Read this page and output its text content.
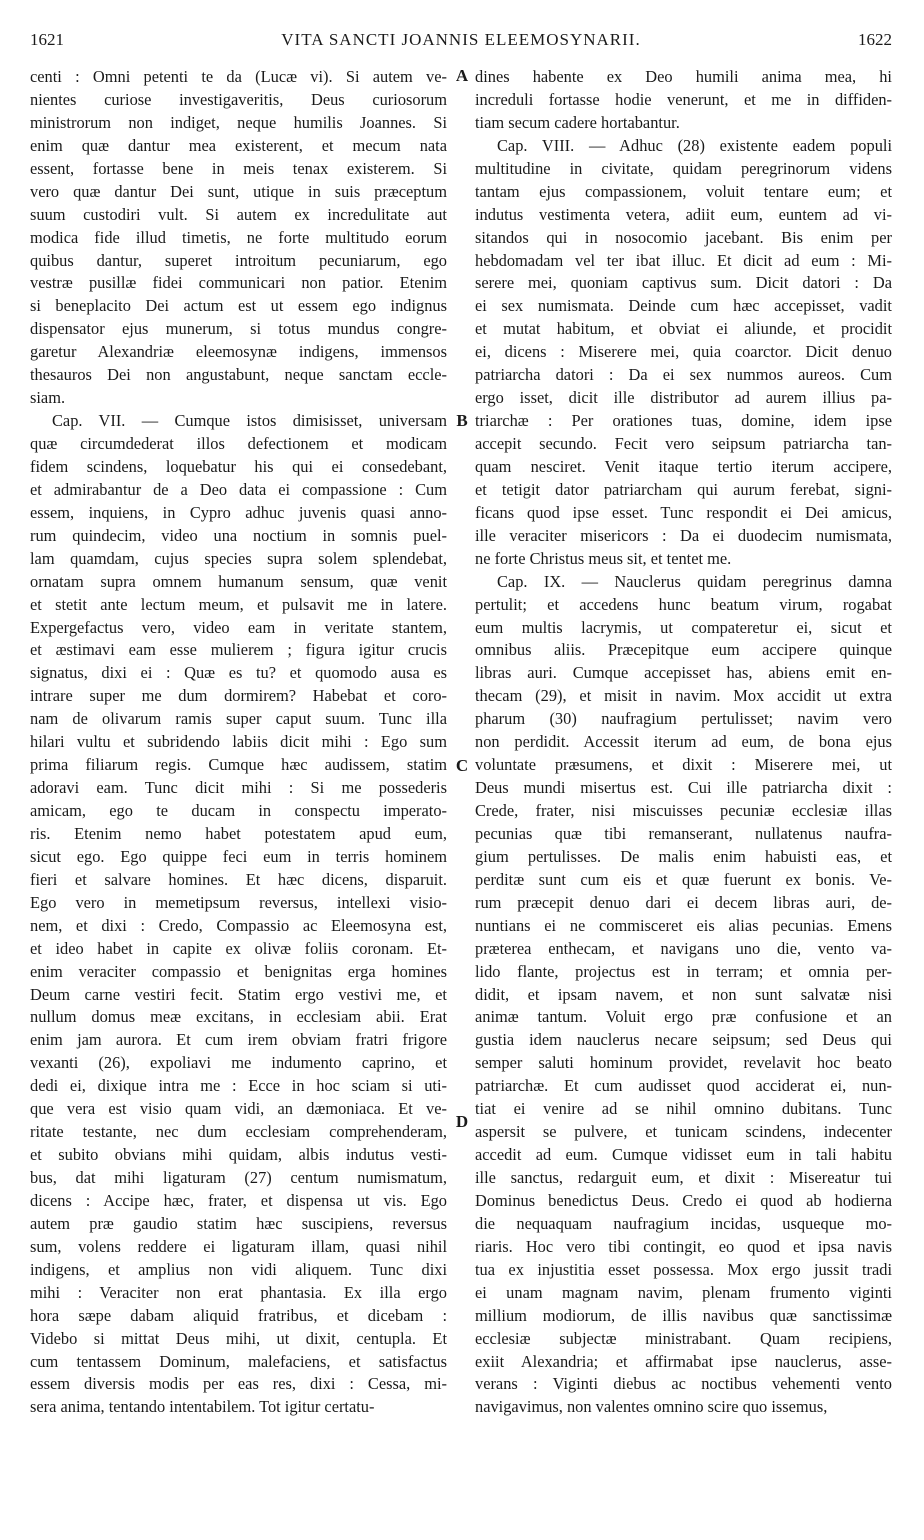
1621	VITA SANCTI JOANNIS ELEEMOSYNARII.	1622
A
B
C
D
centi : Omni petenti te da (Lucæ vi). Si autem ve-
nientes curiose investigaveritis, Deus curiosorum
ministrorum non indiget, neque humilis Joannes. Si
enim quæ dantur mea existerent, et mecum nata
essent, fortasse bene in meis tenax existerem. Si
vero quæ dantur Dei sunt, utique in suis præceptum
suum custodiri vult. Si autem ex incredulitate aut
modica fide illud timetis, ne forte multitudo eorum
quibus dantur, superet introitum pecuniarum, ego
vestræ pusillæ fidei communicari non patior. Etenim
si beneplacito Dei actum est ut essem ego indignus
dispensator ejus munerum, si totus mundus congre-
garetur Alexandriæ eleemosynæ indigens, immensos
thesauros Dei non angustabunt, neque sanctam eccle-
siam.
Cap. VII. — Cumque istos dimisisset, universam
quæ circumdederat illos defectionem et modicam
fidem scindens, loquebatur his qui ei consedebant,
et admirabantur de a Deo data ei compassione : Cum
essem, inquiens, in Cypro adhuc juvenis quasi anno-
rum quindecim, video una noctium in somnis puel-
lam quamdam, cujus species supra solem splendebat,
ornatam supra omnem humanum sensum, quæ venit
et stetit ante lectum meum, et pulsavit me in latere.
Expergefactus vero, video eam in veritate stantem,
et æstimavi eam esse mulierem ; figura igitur crucis
signatus, dixi ei : Quæ es tu? et quomodo ausa es
intrare super me dum dormirem? Habebat et coro-
nam de olivarum ramis super caput suum. Tunc illa
hilari vultu et subridendo labiis dicit mihi : Ego sum
prima filiarum regis. Cumque hæc audissem, statim
adoravi eam. Tunc dicit mihi : Si me possederis
amicam, ego te ducam in conspectu imperato-
ris. Etenim nemo habet potestatem apud eum,
sicut ego. Ego quippe feci eum in terris hominem
fieri et salvare homines. Et hæc dicens, disparuit.
Ego vero in memetipsum reversus, intellexi visio-
nem, et dixi : Credo, Compassio ac Eleemosyna est,
et ideo habet in capite ex olivæ foliis coronam. Et-
enim veraciter compassio et benignitas erga homines
Deum carne vestiri fecit. Statim ergo vestivi me, et
nullum domus meæ excitans, in ecclesiam abii. Erat
enim jam aurora. Et cum irem obviam fratri frigore
vexanti (26), expoliavi me indumento caprino, et
dedi ei, dixique intra me : Ecce in hoc sciam si uti-
que vera est visio quam vidi, an dæmoniaca. Et ve-
ritate testante, nec dum ecclesiam comprehenderam,
et subito obvians mihi quidam, albis indutus vesti-
bus, dat mihi ligaturam (27) centum numismatum,
dicens : Accipe hæc, frater, et dispensa ut vis. Ego
autem præ gaudio statim hæc suscipiens, reversus
sum, volens reddere ei ligaturam illam, quasi nihil
indigens, et amplius non vidi aliquem. Tunc dixi
mihi : Veraciter non erat phantasia. Ex illa ergo
hora sæpe dabam aliquid fratribus, et dicebam :
Videbo si mittat Deus mihi, ut dixit, centupla. Et
cum tentassem Dominum, malefaciens, et satisfactus
essem diversis modis per eas res, dixi : Cessa, mi-
sera anima, tentando intentabilem. Tot igitur certatu-
dines habente ex Deo humili anima mea, hi
increduli fortasse hodie venerunt, et me in diffiden-
tiam secum cadere hortabantur.
Cap. VIII. — Adhuc (28) existente eadem populi
multitudine in civitate, quidam peregrinorum videns
tantam ejus compassionem, voluit tentare eum; et
indutus vestimenta vetera, adiit eum, euntem ad vi-
sitandos qui in nosocomio jacebant. Bis enim per
hebdomadam vel ter ibat illuc. Et dicit ad eum : Mi-
serere mei, quoniam captivus sum. Dicit datori : Da
ei sex numismata. Deinde cum hæc accepisset, vadit
et mutat habitum, et obviat ei aliunde, et procidit
ei, dicens : Miserere mei, quia coarctor. Dicit denuo
patriarcha datori : Da ei sex nummos aureos. Cum
ergo isset, dicit ille distributor ad aurem illius pa-
triarchæ : Per orationes tuas, domine, idem ipse
accepit secundo. Fecit vero seipsum patriarcha tan-
quam nesciret. Venit itaque tertio iterum accipere,
et tetigit dator patriarcham qui aurum ferebat, signi-
ficans quod ipse esset. Tunc respondit ei Dei amicus,
ille veraciter misericors : Da ei duodecim numismata,
ne forte Christus meus sit, et tentet me.
Cap. IX. — Nauclerus quidam peregrinus damna
pertulit; et accedens hunc beatum virum, rogabat
eum multis lacrymis, ut compateretur ei, sicut et
omnibus aliis. Præcepitque eum accipere quinque
libras auri. Cumque accepisset has, abiens emit en-
thecam (29), et misit in navim. Mox accidit ut extra
pharum (30) naufragium pertulisset; navim vero
non perdidit. Accessit iterum ad eum, de bona ejus
voluntate præsumens, et dixit : Miserere mei, ut
Deus mundi misertus est. Cui ille patriarcha dixit :
Crede, frater, nisi miscuisses pecuniæ ecclesiæ illas
pecunias quæ tibi remanserant, nullatenus naufra-
gium pertulisses. De malis enim habuisti eas, et
perditæ sunt cum eis et quæ fuerunt ex bonis. Ve-
rum præcepit denuo dari ei decem libras auri, de-
nuntians ei ne commisceret eis alias pecunias. Emens
præterea enthecam, et navigans uno die, vento va-
lido flante, projectus est in terram; et omnia per-
didit, et ipsam navem, et non sunt salvatæ nisi
animæ tantum. Voluit ergo præ confusione et an
gustia idem nauclerus necare seipsum; sed Deus qui
semper saluti hominum providet, revelavit hoc beato
patriarchæ. Et cum audisset quod acciderat ei, nun-
tiat ei venire ad se nihil omnino dubitans. Tunc
aspersit se pulvere, et tunicam scindens, indecenter
accedit ad eum. Cumque vidisset eum in tali habitu
ille sanctus, redarguit eum, et dixit : Misereatur tui
Dominus benedictus Deus. Credo ei quod ab hodierna
die nequaquam naufragium incidas, usqueque mo-
riaris. Hoc vero tibi contingit, eo quod et ipsa navis
tua ex injustitia esset possessa. Mox ergo jussit tradi
ei unam magnam navim, plenam frumento viginti
millium modiorum, de illis navibus quæ sanctissimæ
ecclesiæ subjectæ ministrabant. Quam recipiens,
exiit Alexandria; et affirmabat ipse nauclerus, asse-
verans : Viginti diebus ac noctibus vehementi vento
navigavimus, non valentes omnino scire quo issemus,
